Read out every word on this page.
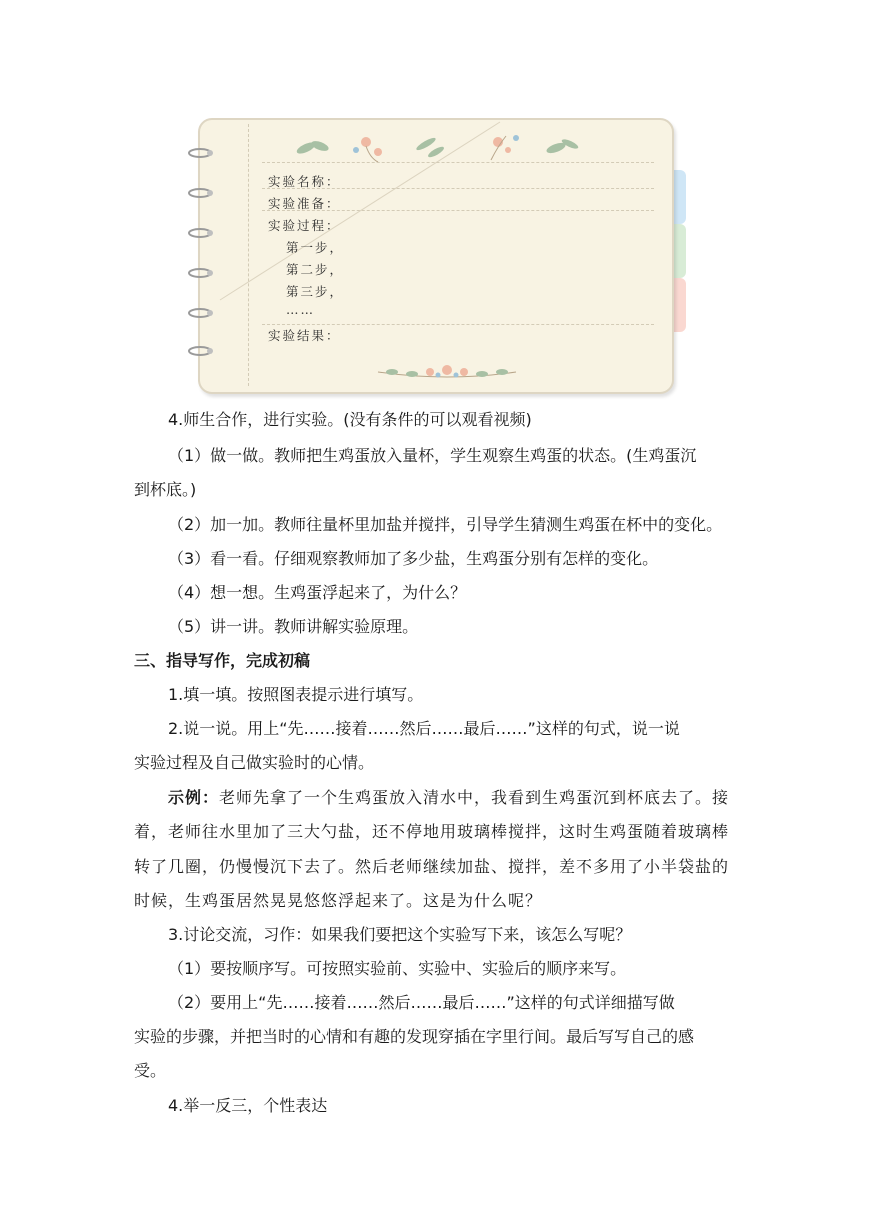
实验名称：
实验准备：
实验过程：
第一步，
第二步，
第三步，
……
实验结果：
4.师生合作，进行实验。(没有条件的可以观看视频)
（1）做一做。教师把生鸡蛋放入量杯，学生观察生鸡蛋的状态。(生鸡蛋沉
到杯底。)
（2）加一加。教师往量杯里加盐并搅拌，引导学生猜测生鸡蛋在杯中的变化。
（3）看一看。仔细观察教师加了多少盐，生鸡蛋分别有怎样的变化。
（4）想一想。生鸡蛋浮起来了，为什么？
（5）讲一讲。教师讲解实验原理。
三、指导写作，完成初稿
1.填一填。按照图表提示进行填写。
2.说一说。用上“先……接着……然后……最后……”这样的句式，说一说
实验过程及自己做实验时的心情。
示例：老师先拿了一个生鸡蛋放入清水中，我看到生鸡蛋沉到杯底去了。接
着，老师往水里加了三大勺盐，还不停地用玻璃棒搅拌，这时生鸡蛋随着玻璃棒
转了几圈，仍慢慢沉下去了。然后老师继续加盐、搅拌，差不多用了小半袋盐的
时候，生鸡蛋居然晃晃悠悠浮起来了。这是为什么呢？
3.讨论交流，习作：如果我们要把这个实验写下来，该怎么写呢？
（1）要按顺序写。可按照实验前、实验中、实验后的顺序来写。
（2）要用上“先……接着……然后……最后……”这样的句式详细描写做
实验的步骤，并把当时的心情和有趣的发现穿插在字里行间。最后写写自己的感
受。
4.举一反三，个性表达
